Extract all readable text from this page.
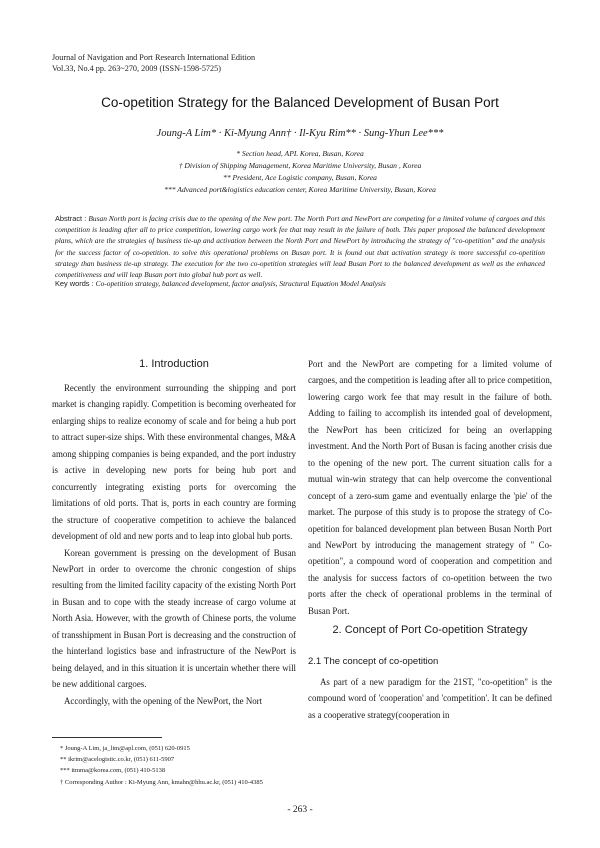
Journal of Navigation and Port Research International Edition
Vol.33, No.4 pp. 263~270, 2009 (ISSN-1598-5725)
Co-opetition Strategy for the Balanced Development of Busan Port
Joung-A Lim* · Ki-Myung Ann† · Il-Kyu Rim** · Sung-Yhun Lee***
* Section head, APL Korea, Busan, Korea
† Division of Shipping Management, Korea Maritime University, Busan , Korea
** President, Ace Logistic company, Busan, Korea
*** Advanced port&logistics education center, Korea Maritime University, Busan, Korea
Abstract : Busan North port is facing crisis due to the opening of the New port. The North Port and NewPort are competing for a limited volume of cargoes and this competition is leading after all to price competition, lowering cargo work fee that may result in the failure of both. This paper proposed the balanced development plans, which are the strategies of business tie-up and activation between the North Port and NewPort by introducing the strategy of "co-opetition" and the analysis for the success factor of co-opetition. to solve this operational problems on Busan port. It is found out that activation strategy is more successful co-opetition strategy than business tie-up strategy. The execution for the two co-opetition strategies will lead Busan Port to the balanced development as well as the enhanced competitiveness and will leap Busan port into global hub port as well.
Key words : Co-opetition strategy, balanced development, factor analysis, Structural Equation Model Analysis
1. Introduction

Recently the environment surrounding the shipping and port market is changing rapidly. Competition is becoming overheated for enlarging ships to realize economy of scale and for being a hub port to attract super-size ships. With these environmental changes, M&A among shipping companies is being expanded, and the port industry is active in developing new ports for being hub port and concurrently integrating existing ports for overcoming the limitations of old ports. That is, ports in each country are forming the structure of cooperative competition to achieve the balanced development of old and new ports and to leap into global hub ports.

Korean government is pressing on the development of Busan NewPort in order to overcome the chronic congestion of ships resulting from the limited facility capacity of the existing North Port in Busan and to cope with the steady increase of cargo volume at North Asia. However, with the growth of Chinese ports, the volume of transshipment in Busan Port is decreasing and the construction of the hinterland logistics base and infrastructure of the NewPort is being delayed, and in this situation it is uncertain whether there will be new additional cargoes.

Accordingly, with the opening of the NewPort, the Nort

Port and the NewPort are competing for a limited volume of cargoes, and the competition is leading after all to price competition, lowering cargo work fee that may result in the failure of both. Adding to failing to accomplish its intended goal of development, the NewPort has been criticized for being an overlapping investment. And the North Port of Busan is facing another crisis due to the opening of the new port. The current situation calls for a mutual win-win strategy that can help overcome the conventional concept of a zero-sum game and eventually enlarge the 'pie' of the market. The purpose of this study is to propose the strategy of Co-opetition for balanced development plan between Busan North Port and NewPort by introducing the management strategy of " Co-opetition", a compound word of cooperation and competition and the analysis for success factors of co-opetition between the two ports after the check of operational problems in the terminal of Busan Port.

2. Concept of Port Co-opetition Strategy
2.1 The concept of co-opetition

As part of a new paradigm for the 21ST, "co-opetition" is the compound word of 'cooperation' and 'competition'. It can be defined as a cooperative strategy(cooperation in

* Joung-A Lim, ja_lim@apl.com, (051) 620-0915
** ikrim@acelogistic.co.kr, (051) 611-5907
*** itmma@korea.com, (051) 410-5138
† Corresponding Author : Ki-Myung Ann, kmahn@hhu.ac.kr, (051) 410-4385
- 263 -
